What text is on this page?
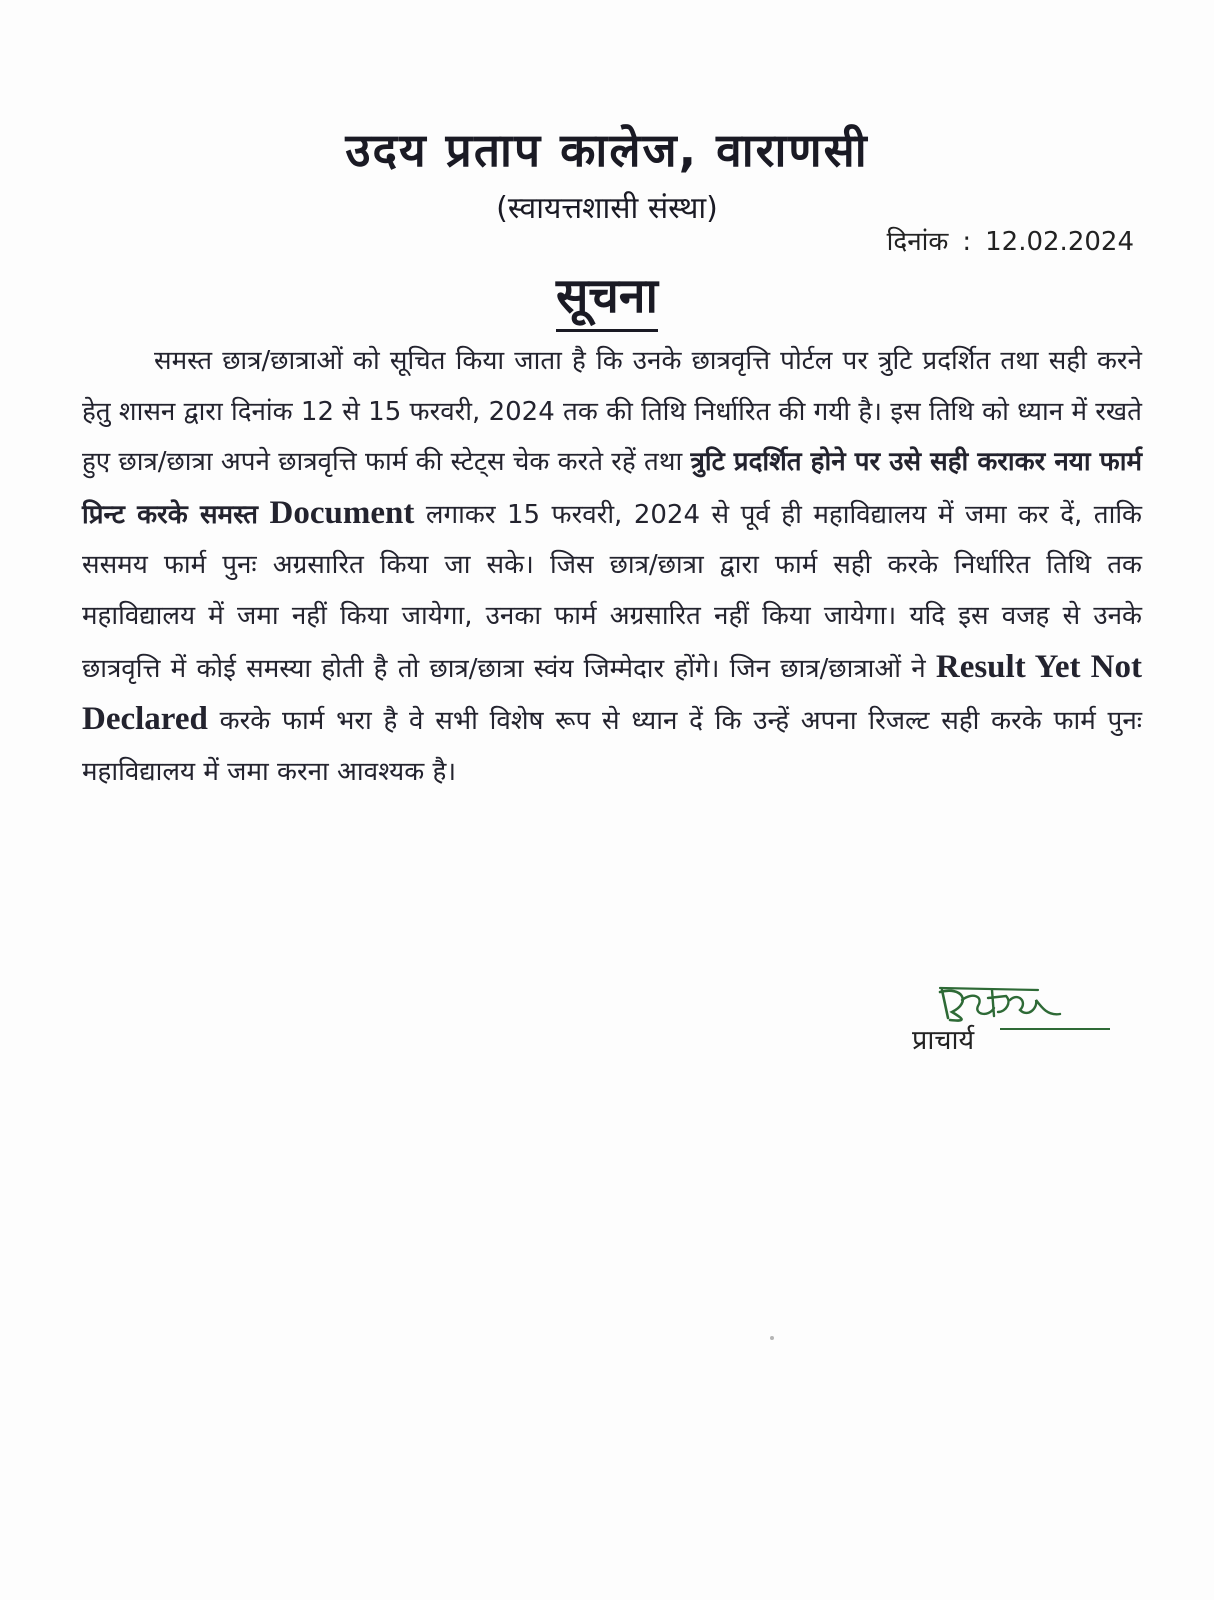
उदय प्रताप कालेज, वाराणसी
(स्वायत्तशासी संस्था)
दिनांक : 12.02.2024
सूचना
समस्त छात्र/छात्राओं को सूचित किया जाता है कि उनके छात्रवृत्ति पोर्टल पर त्रुटि प्रदर्शित तथा सही करने हेतु शासन द्वारा दिनांक 12 से 15 फरवरी, 2024 तक की तिथि निर्धारित की गयी है। इस तिथि को ध्यान में रखते हुए छात्र/छात्रा अपने छात्रवृत्ति फार्म की स्टेट्स चेक करते रहें तथा त्रुटि प्रदर्शित होने पर उसे सही कराकर नया फार्म प्रिन्ट करके समस्त Document लगाकर 15 फरवरी, 2024 से पूर्व ही महाविद्यालय में जमा कर दें, ताकि ससमय फार्म पुनः अग्रसारित किया जा सके। जिस छात्र/छात्रा द्वारा फार्म सही करके निर्धारित तिथि तक महाविद्यालय में जमा नहीं किया जायेगा, उनका फार्म अग्रसारित नहीं किया जायेगा। यदि इस वजह से उनके छात्रवृत्ति में कोई समस्या होती है तो छात्र/छात्रा स्वंय जिम्मेदार होंगे। जिन छात्र/छात्राओं ने Result Yet Not Declared करके फार्म भरा है वे सभी विशेष रूप से ध्यान दें कि उन्हें अपना रिजल्ट सही करके फार्म पुनः महाविद्यालय में जमा करना आवश्यक है।
प्राचार्य
